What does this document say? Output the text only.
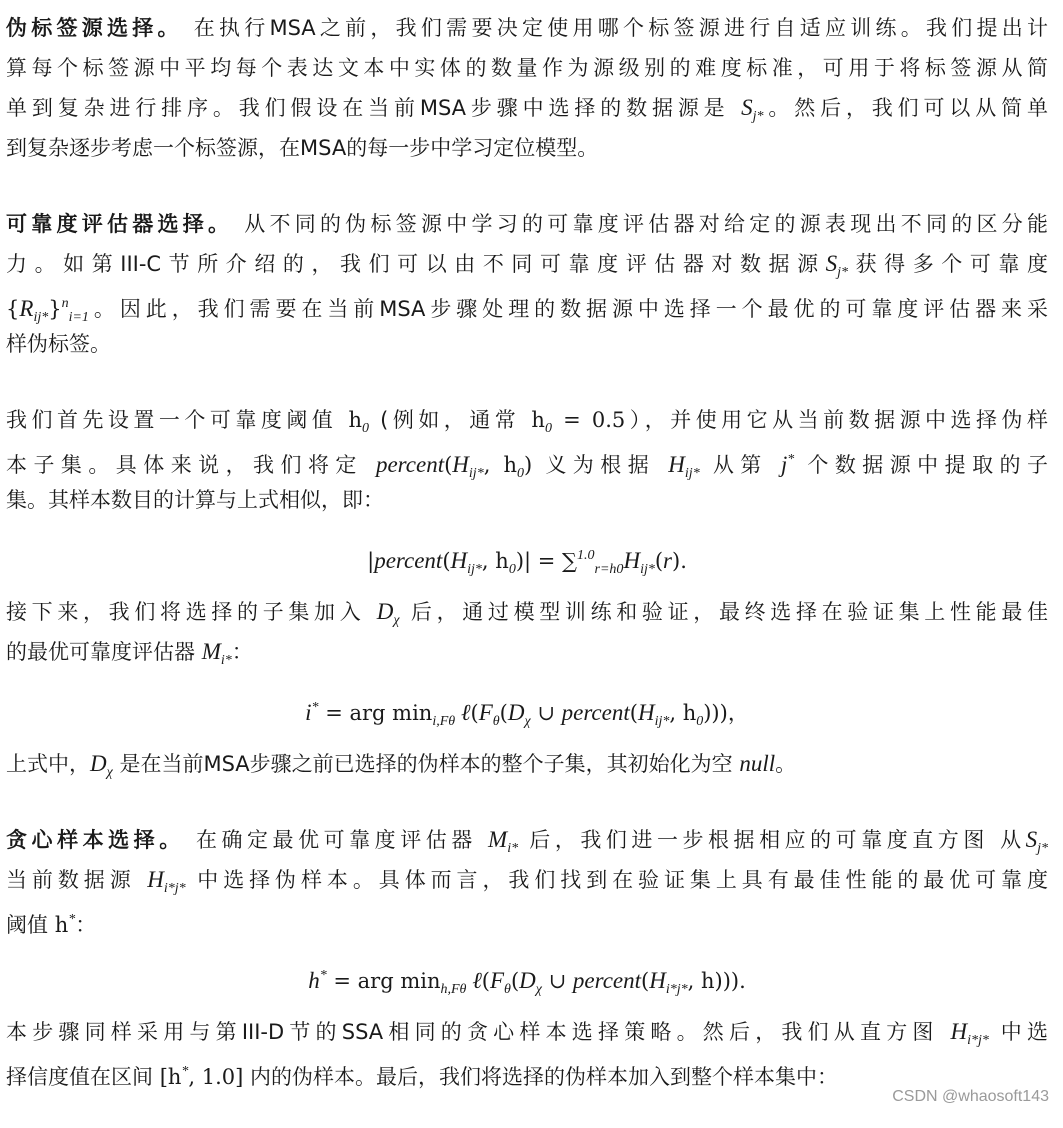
伪标签源选择。 在执行MSA之前，我们需要决定使用哪个标签源进行自适应训练。我们提出计
算每个标签源中平均每个表达文本中实体的数量作为源级别的难度标准，可用于将标签源从简
单到复杂进行排序。我们假设在当前MSA步骤中选择的数据源是 $S_{j*}$。然后，我们可以从简单
到复杂逐步考虑一个标签源，在MSA的每一步中学习定位模型。
可靠度评估器选择。 从不同的伪标签源中学习的可靠度评估器对给定的源表现出不同的区分能
力。如第III-C节所介绍的，我们可以由不同可靠度评估器对数据源$S_{j*}$获得多个可靠度
$\{R_{ij*}\}^n_{i=1}$。因此，我们需要在当前MSA步骤处理的数据源中选择一个最优的可靠度评估器来采
样伪标签。
我们首先设置一个可靠度阈值 $h_0$ (例如，通常 $h_0 = 0.5$），并使用它从当前数据源中选择伪样
本子集。具体来说，我们将定 $percent(H_{ij*}$, $h_0$) 义为根据 $H_{ij*}$ 从第 j* 个数据源中提取的子
集。其样本数目的计算与上式相似，即：
$|percent(H_{ij*}$, $h_0)| = \sum^{1.0}_{r=h0}H_{ij*}(r)$.
接下来，我们将选择的子集加入 $D_\chi$ 后，通过模型训练和验证，最终选择在验证集上性能最佳
的最优可靠度评估器 $M_{i*}$：
i* = arg $\min_{i,F\theta}$ $\ell(F_\theta(D_\chi$ ∪ $percent(H_{ij*}$, $h_0$)))，
上式中，$D_\chi$ 是在当前MSA步骤之前已选择的伪样本的整个子集，其初始化为空 null。
贪心样本选择。 在确定最优可靠度评估器 $M_{i*}$ 后，我们进一步根据相应的可靠度直方图 从$S_{j*}$
当前数据源 $H_{i*j*}$ 中选择伪样本。具体而言，我们找到在验证集上具有最佳性能的最优可靠度
阈值 h*：
h* = arg $\min_{h,F\theta}$ $\ell(F_\theta(D_\chi$ ∪ $percent(H_{i*j*}$, h))).
本步骤同样采用与第III-D节的SSA相同的贪心样本选择策略。然后，我们从直方图 $H_{i*j*}$ 中选
择信度值在区间 [h*, 1.0] 内的伪样本。最后，我们将选择的伪样本加入到整个样本集中：
CSDN @whaosoft143
